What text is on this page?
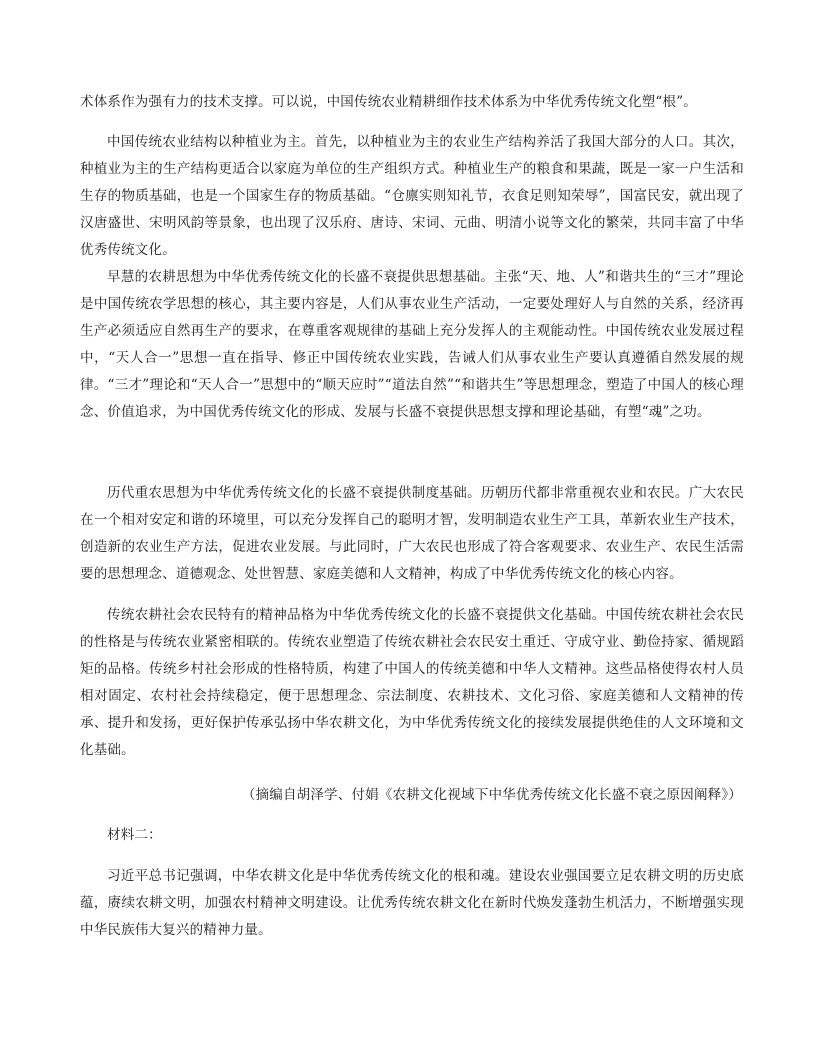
术体系作为强有力的技术支撑。可以说，中国传统农业精耕细作技术体系为中华优秀传统文化塑“根”。

中国传统农业结构以种植业为主。首先，以种植业为主的农业生产结构养活了我国大部分的人口。其次，种植业为主的生产结构更适合以家庭为单位的生产组织方式。种植业生产的粮食和果蔬，既是一家一户生活和生存的物质基础，也是一个国家生存的物质基础。“仓廪实则知礼节，衣食足则知荣辱”，国富民安，就出现了汉唐盛世、宋明风韵等景象，也出现了汉乐府、唐诗、宋词、元曲、明清小说等文化的繁荣，共同丰富了中华优秀传统文化。

早慧的农耕思想为中华优秀传统文化的长盛不衰提供思想基础。主张“天、地、人”和谐共生的“三才”理论是中国传统农学思想的核心，其主要内容是，人们从事农业生产活动，一定要处理好人与自然的关系，经济再生产必须适应自然再生产的要求，在尊重客观规律的基础上充分发挥人的主观能动性。中国传统农业发展过程中，“天人合一”思想一直在指导、修正中国传统农业实践，告诫人们从事农业生产要认真遵循自然发展的规律。“三才”理论和“天人合一”思想中的“顺天应时”“道法自然”“和谐共生”等思想理念，塑造了中国人的核心理念、价值追求，为中国优秀传统文化的形成、发展与长盛不衰提供思想支撑和理论基础，有塑“魂”之功。

历代重农思想为中华优秀传统文化的长盛不衰提供制度基础。历朝历代都非常重视农业和农民。广大农民在一个相对安定和谐的环境里，可以充分发挥自己的聪明才智，发明制造农业生产工具，革新农业生产技术，创造新的农业生产方法，促进农业发展。与此同时，广大农民也形成了符合客观要求、农业生产、农民生活需要的思想理念、道德观念、处世智慧、家庭美德和人文精神，构成了中华优秀传统文化的核心内容。

传统农耕社会农民特有的精神品格为中华优秀传统文化的长盛不衰提供文化基础。中国传统农耕社会农民的性格是与传统农业紧密相联的。传统农业塑造了传统农耕社会农民安土重迁、守成守业、勤俭持家、循规蹈矩的品格。传统乡村社会形成的性格特质，构建了中国人的传统美德和中华人文精神。这些品格使得农村人员相对固定、农村社会持续稳定，便于思想理念、宗法制度、农耕技术、文化习俗、家庭美德和人文精神的传承、提升和发扬，更好保护传承弘扬中华农耕文化，为中华优秀传统文化的接续发展提供绝佳的人文环境和文化基础。

（摘编自胡泽学、付娟《农耕文化视域下中华优秀传统文化长盛不衰之原因阐释》）

材料二：

习近平总书记强调，中华农耕文化是中华优秀传统文化的根和魂。建设农业强国要立足农耕文明的历史底蕴，赓续农耕文明，加强农村精神文明建设。让优秀传统农耕文化在新时代焕发蓬勃生机活力，不断增强实现中华民族伟大复兴的精神力量。
